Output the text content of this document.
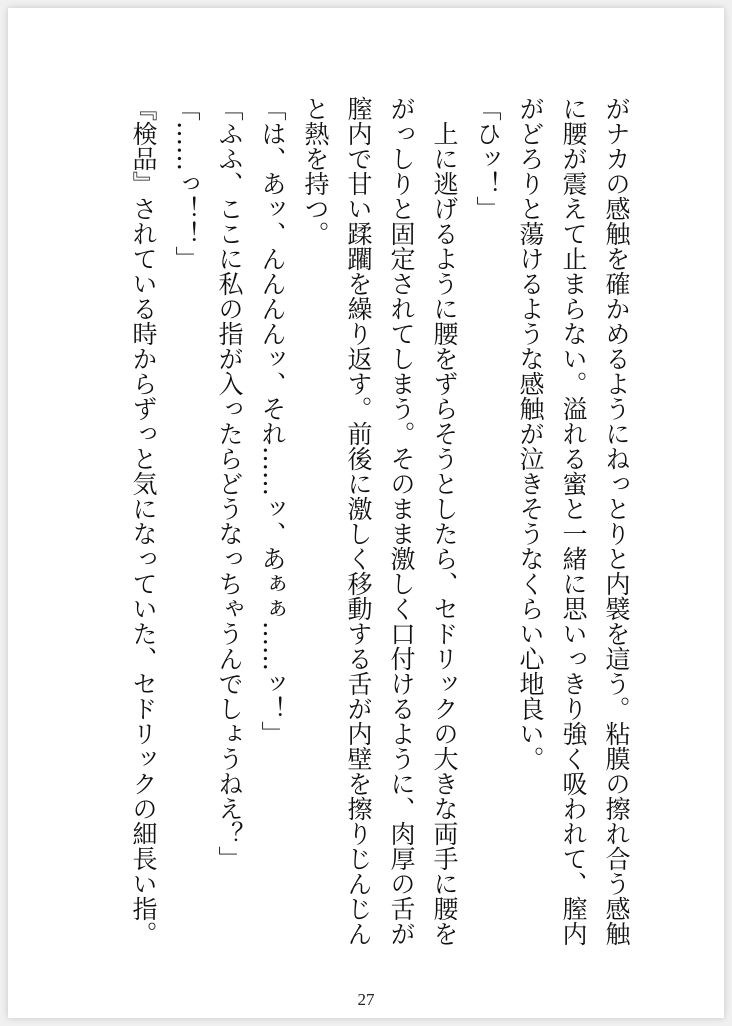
がナカの感触を確かめるようにねっとりと内襞を這う。粘膜の擦れ合う感触
に腰が震えて止まらない。溢れる蜜と一緒に思いっきり強く吸われて、膣内
がどろりと蕩けるような感触が泣きそうなくらい心地良い。
「ひッ！」
　上に逃げるように腰をずらそうとしたら、セドリックの大きな両手に腰を
がっしりと固定されてしまう。そのまま激しく口付けるように、肉厚の舌が
膣内で甘い蹂躙を繰り返す。前後に激しく移動する舌が内壁を擦りじんじん
と熱を持つ。
「は、あッ、んんんんッ、それ……ッ、あぁぁ……ッ！」
「ふふ、ここに私の指が入ったらどうなっちゃうんでしょうねえ？」
「……っ！！」
『検品』されている時からずっと気になっていた、セドリックの細長い指。
27
